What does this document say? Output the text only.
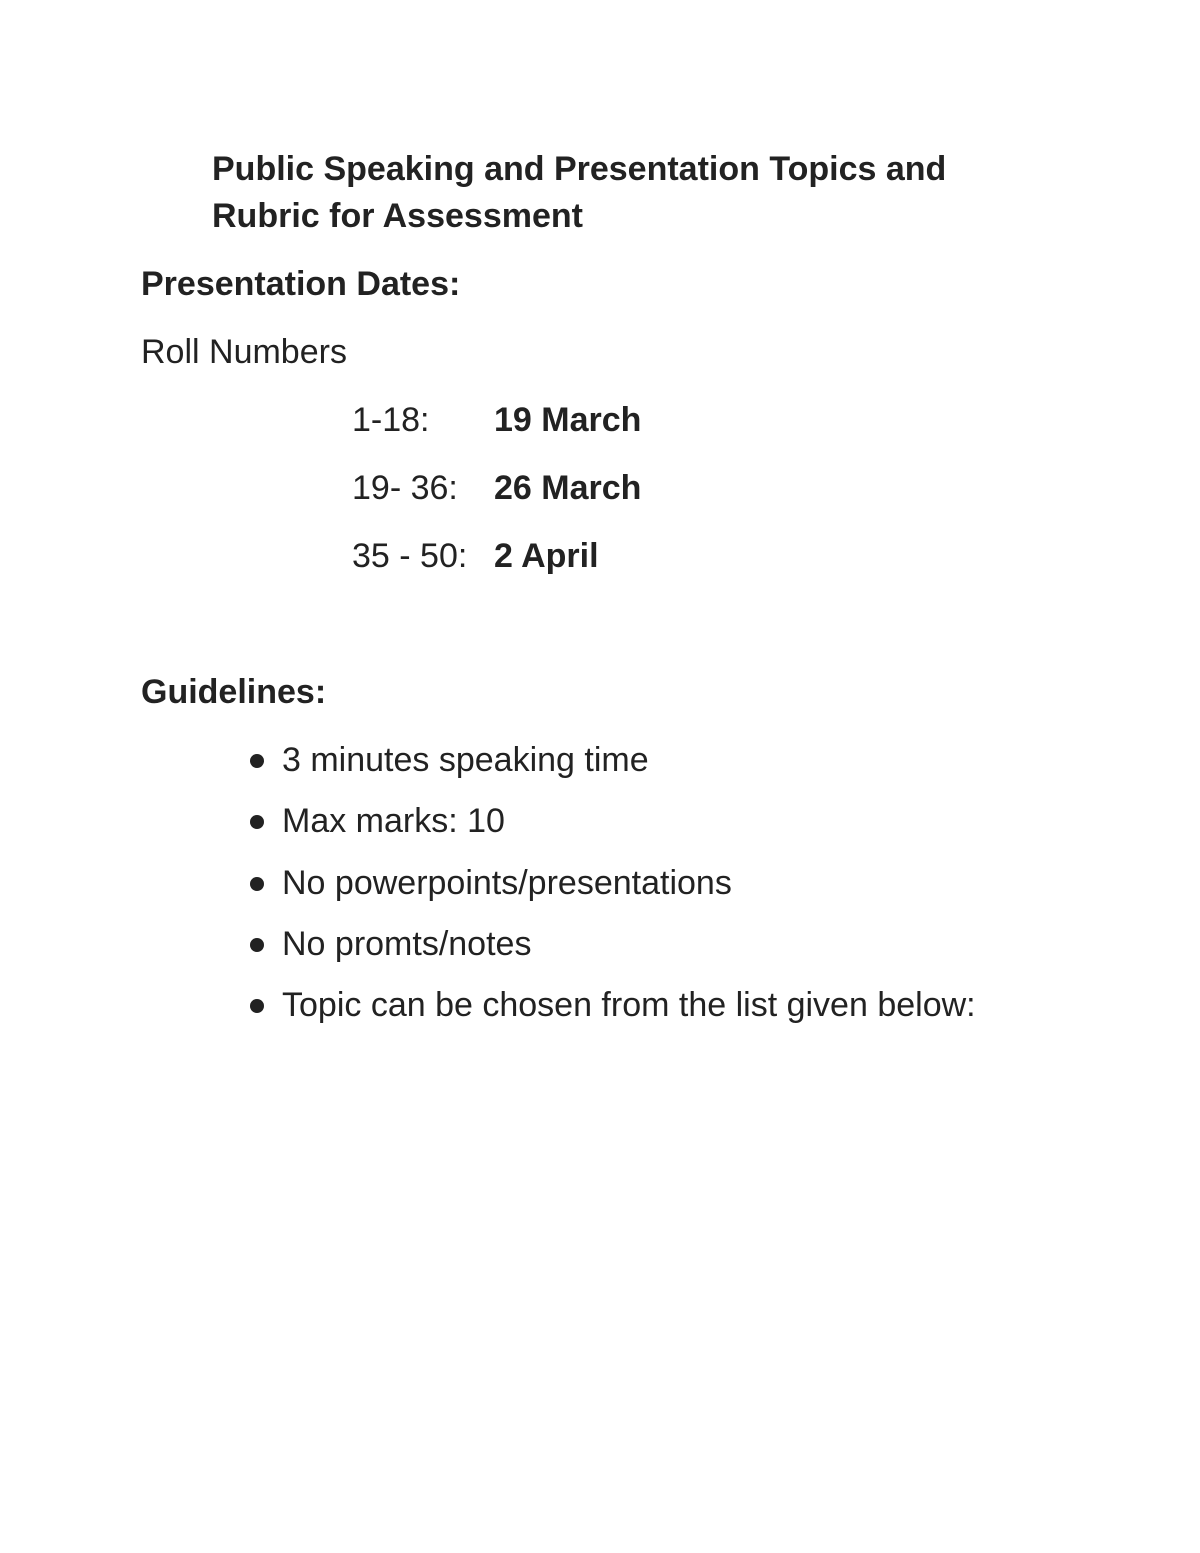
Public Speaking and Presentation Topics and
Rubric for Assessment
Presentation Dates:

Roll Numbers

1-18: 19 March
19- 36: 26 March
35 - 50: 2 April
Guidelines:
3 minutes speaking time
Max marks: 10
No powerpoints/presentations
No promts/notes
Topic can be chosen from the list given below:
